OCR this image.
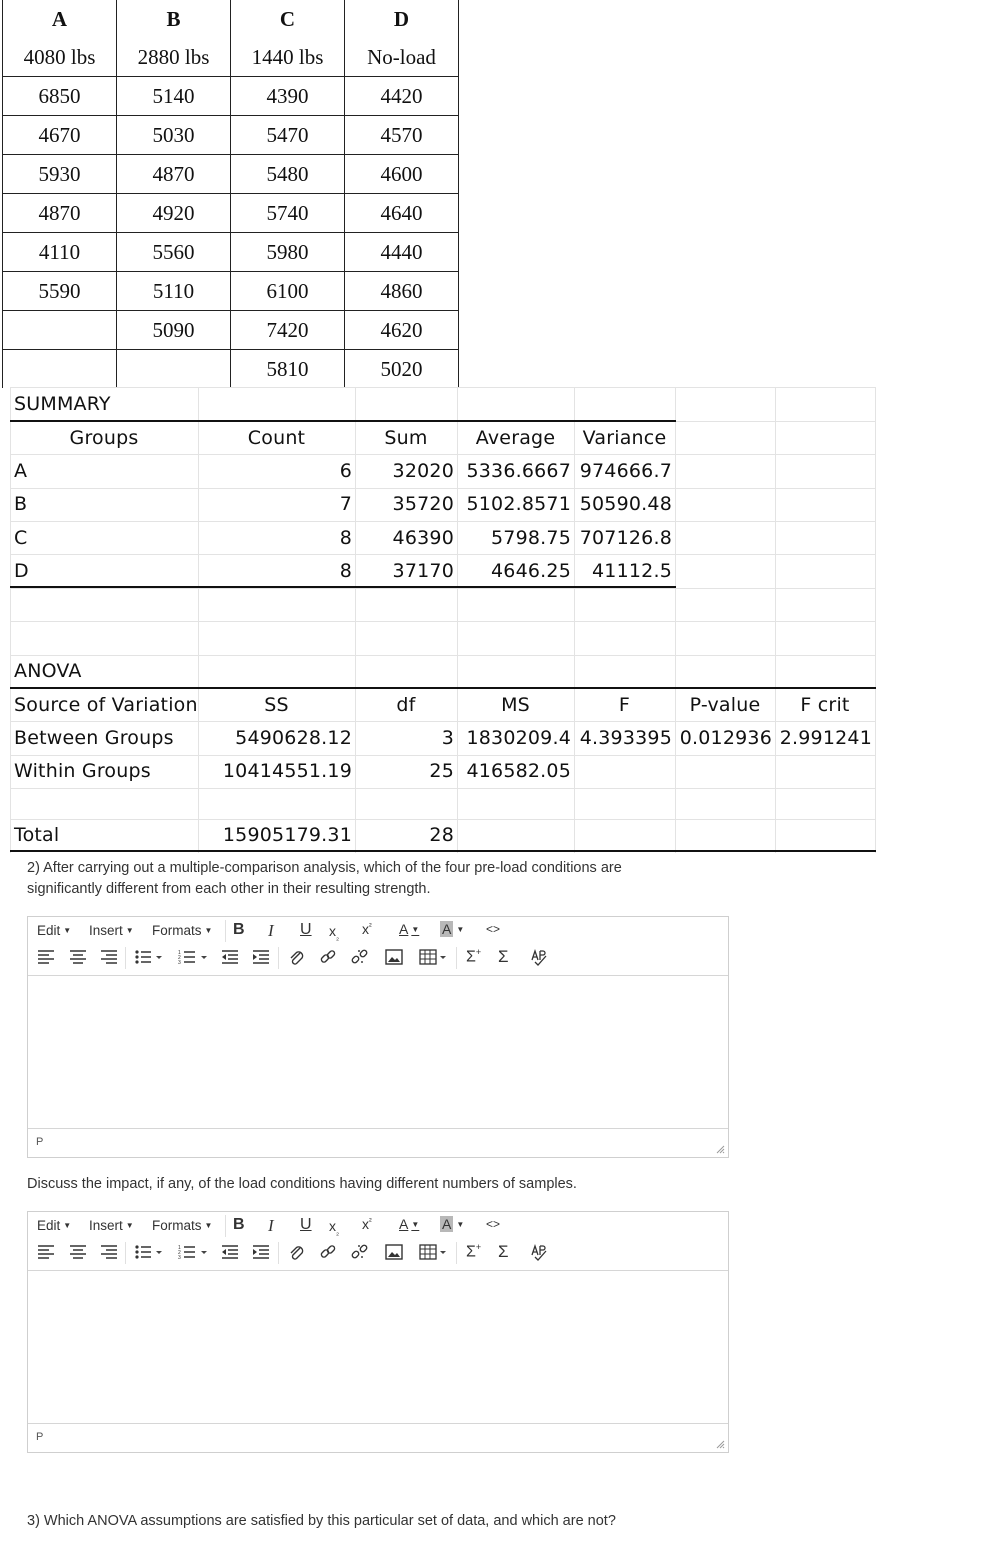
A	B	C	D
4080 lbs	2880 lbs	1440 lbs	No-load
6850	5140	4390	4420
4670	5030	5470	4570
5930	4870	5480	4600
4870	4920	5740	4640
4110	5560	5980	4440
5590	5110	6100	4860
	5090	7420	4620
		5810	5020
SUMMARY
Groups	Count	Sum	Average	Variance
A	6	32020 5336.6667 974666.7
B	7	35720 5102.8571 50590.48
C	8	46390	5798.75 707126.8
D	8	37170	4646.25	41112.5
ANOVA
Source of Variation	SS	df	MS	F	P-value	F crit
Between Groups	5490628.12	3 1830209.4 4.393395 0.012936 2.991241
Within Groups	10414551.19	25 416582.05
Total	15905179.31	28
2) After carrying out a multiple-comparison analysis, which of the four pre-load conditions are
significantly different from each other in their resulting strength.
Edit ▼ Insert ▼ Formats ▼ B I U $x_{_2}$
$x^{^2}$ A ▼ A ▼ <>
1
2
3	Σ+ Σ
P
Discuss the impact, if any, of the load conditions having different numbers of samples.
Edit ▼ Insert ▼ Formats ▼ B I U $x_{_2}$
$x^{^2}$ A ▼ A ▼ <>
1
2
3	Σ+ Σ
P
3) Which ANOVA assumptions are satisfied by this particular set of data, and which are not?
